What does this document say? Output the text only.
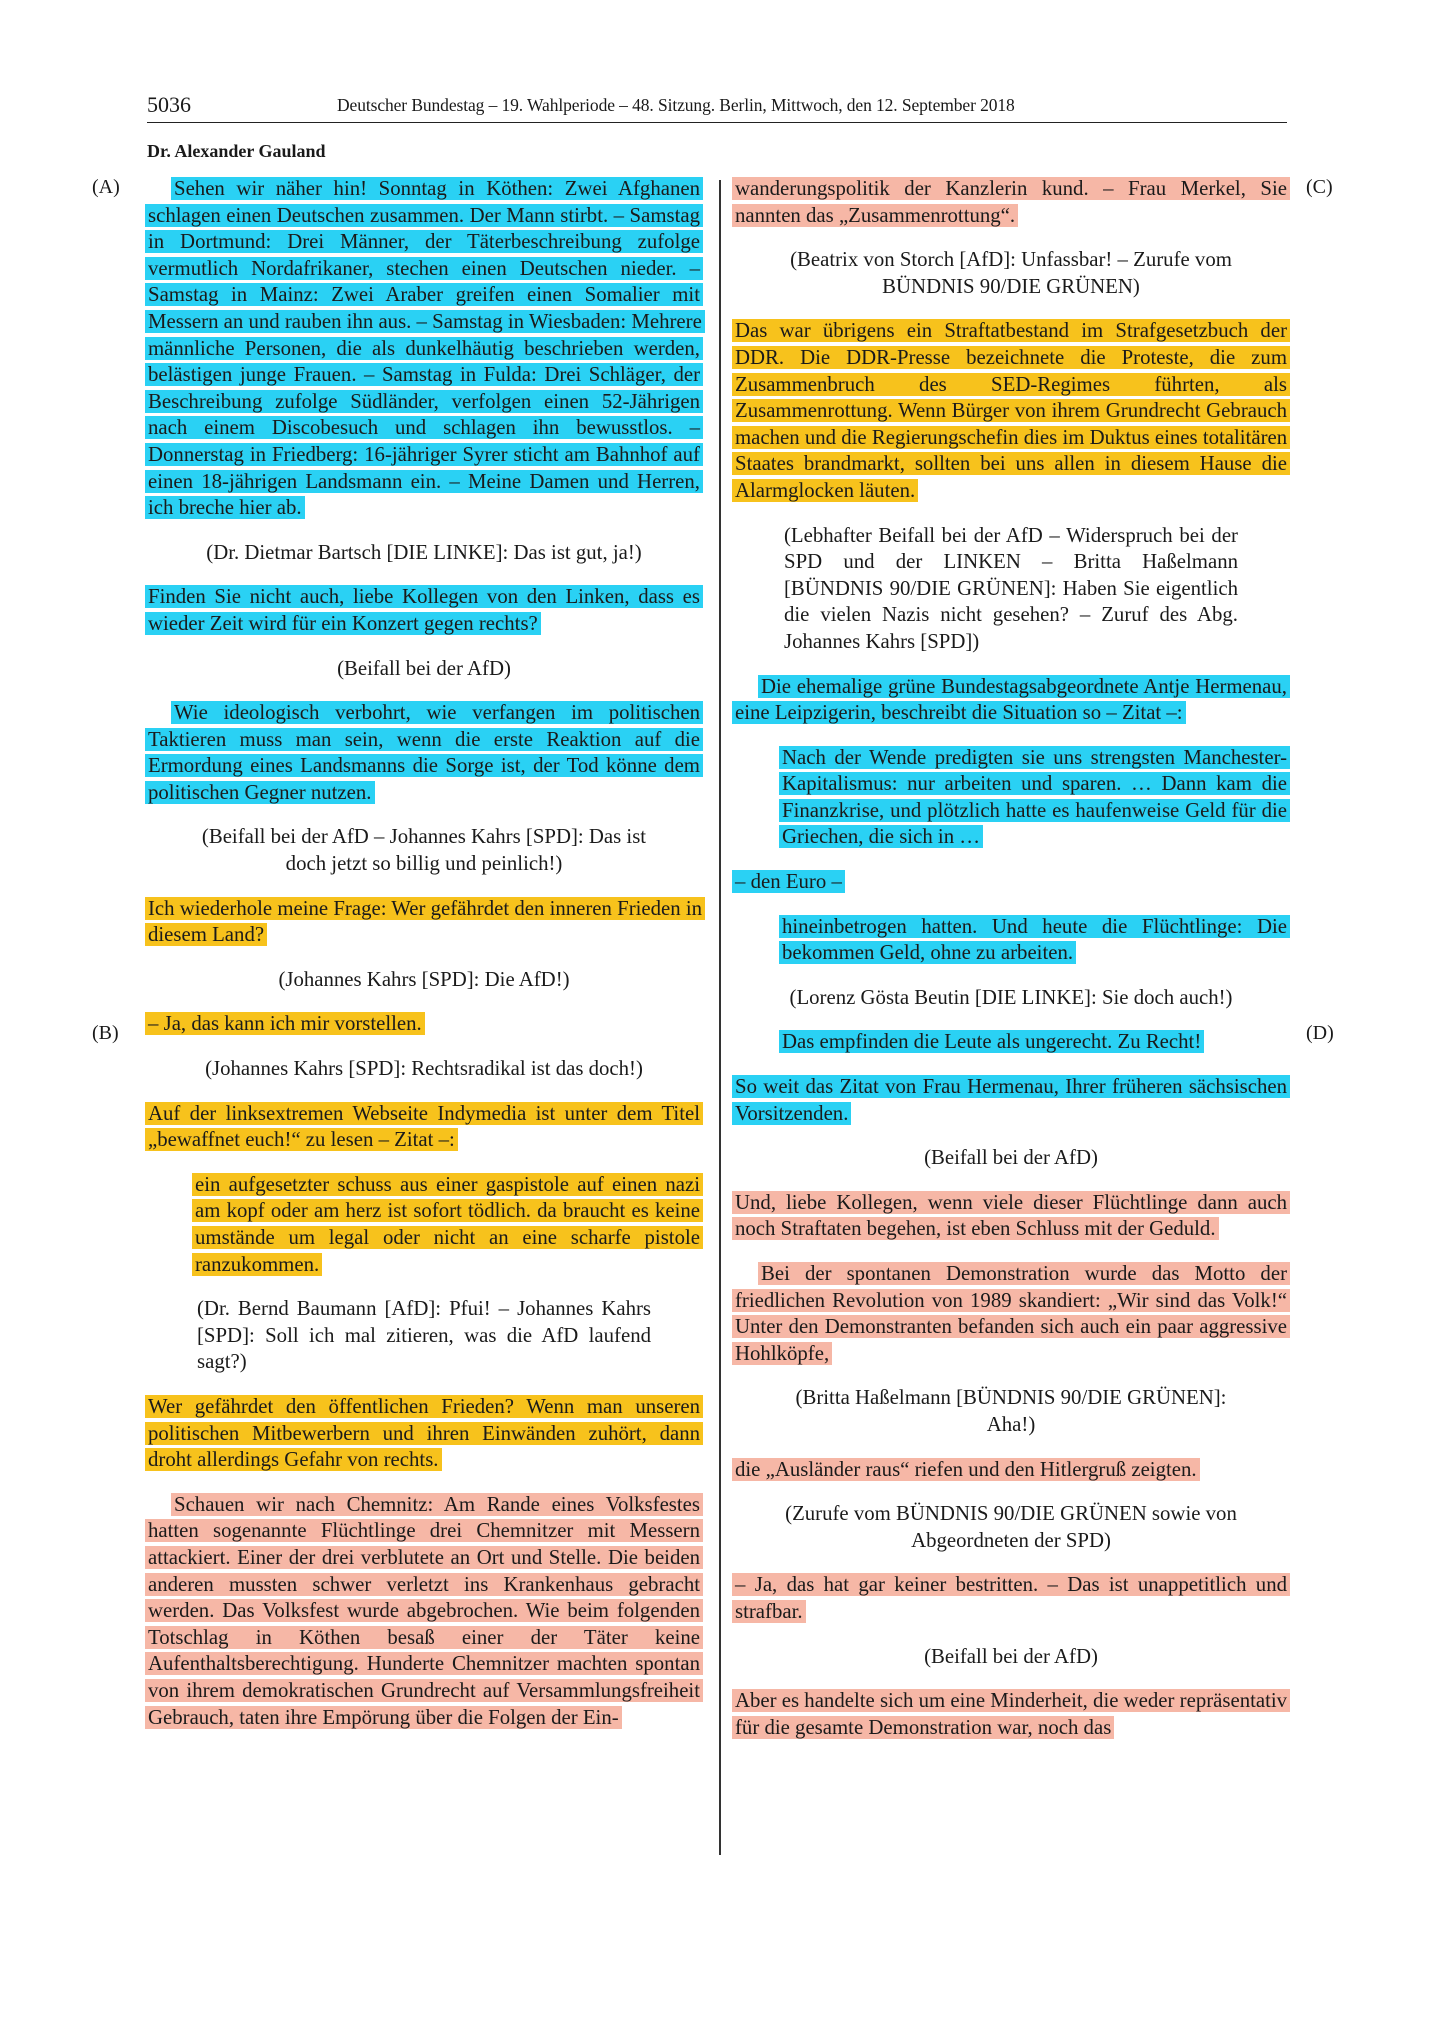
5036	Deutscher Bundestag – 19. Wahlperiode – 48. Sitzung. Berlin, Mittwoch, den 12. September 2018
Dr. Alexander Gauland
(A)
(B)
(C)
(D)
Sehen wir näher hin! Sonntag in Köthen: Zwei Afghanen schlagen einen Deutschen zusammen. Der Mann stirbt. – Samstag in Dortmund: Drei Männer, der Täterbeschreibung zufolge vermutlich Nordafrikaner, stechen einen Deutschen nieder. – Samstag in Mainz: Zwei Araber greifen einen Somalier mit Messern an und rauben ihn aus. – Samstag in Wiesbaden: Mehrere männliche Personen, die als dunkelhäutig beschrieben werden, belästigen junge Frauen. – Samstag in Fulda: Drei Schläger, der Beschreibung zufolge Südländer, verfolgen einen 52-Jährigen nach einem Discobesuch und schlagen ihn bewusstlos. – Donnerstag in Friedberg: 16-jähriger Syrer sticht am Bahnhof auf einen 18-jährigen Landsmann ein. – Meine Damen und Herren, ich breche hier ab.
(Dr. Dietmar Bartsch [DIE LINKE]: Das ist gut, ja!)
Finden Sie nicht auch, liebe Kollegen von den Linken, dass es wieder Zeit wird für ein Konzert gegen rechts?
(Beifall bei der AfD)
Wie ideologisch verbohrt, wie verfangen im politischen Taktieren muss man sein, wenn die erste Reaktion auf die Ermordung eines Landsmanns die Sorge ist, der Tod könne dem politischen Gegner nutzen.
(Beifall bei der AfD – Johannes Kahrs [SPD]: Das ist doch jetzt so billig und peinlich!)
Ich wiederhole meine Frage: Wer gefährdet den inneren Frieden in diesem Land?
(Johannes Kahrs [SPD]: Die AfD!)
– Ja, das kann ich mir vorstellen.
(Johannes Kahrs [SPD]: Rechtsradikal ist das doch!)
Auf der linksextremen Webseite Indymedia ist unter dem Titel „bewaffnet euch!“ zu lesen – Zitat –:
ein aufgesetzter schuss aus einer gaspistole auf einen nazi am kopf oder am herz ist sofort tödlich. da braucht es keine umstände um legal oder nicht an eine scharfe pistole ranzukommen.
(Dr. Bernd Baumann [AfD]: Pfui! – Johannes Kahrs [SPD]: Soll ich mal zitieren, was die AfD laufend sagt?)
Wer gefährdet den öffentlichen Frieden? Wenn man unseren politischen Mitbewerbern und ihren Einwänden zuhört, dann droht allerdings Gefahr von rechts.
Schauen wir nach Chemnitz: Am Rande eines Volksfestes hatten sogenannte Flüchtlinge drei Chemnitzer mit Messern attackiert. Einer der drei verblutete an Ort und Stelle. Die beiden anderen mussten schwer verletzt ins Krankenhaus gebracht werden. Das Volksfest wurde abgebrochen. Wie beim folgenden Totschlag in Köthen besaß einer der Täter keine Aufenthaltsberechtigung. Hunderte Chemnitzer machten spontan von ihrem demokratischen Grundrecht auf Versammlungsfreiheit Gebrauch, taten ihre Empörung über die Folgen der Ein-
wanderungspolitik der Kanzlerin kund. – Frau Merkel, Sie nannten das „Zusammenrottung“.
(Beatrix von Storch [AfD]: Unfassbar! – Zurufe vom BÜNDNIS 90/DIE GRÜNEN)
Das war übrigens ein Straftatbestand im Strafgesetzbuch der DDR. Die DDR-Presse bezeichnete die Proteste, die zum Zusammenbruch des SED-Regimes führten, als Zusammenrottung. Wenn Bürger von ihrem Grundrecht Gebrauch machen und die Regierungschefin dies im Duktus eines totalitären Staates brandmarkt, sollten bei uns allen in diesem Hause die Alarmglocken läuten.
(Lebhafter Beifall bei der AfD – Widerspruch bei der SPD und der LINKEN – Britta Haßelmann [BÜNDNIS 90/DIE GRÜNEN]: Haben Sie eigentlich die vielen Nazis nicht gesehen? – Zuruf des Abg. Johannes Kahrs [SPD])
Die ehemalige grüne Bundestagsabgeordnete Antje Hermenau, eine Leipzigerin, beschreibt die Situation so – Zitat –:
Nach der Wende predigten sie uns strengsten Manchester-Kapitalismus: nur arbeiten und sparen. … Dann kam die Finanzkrise, und plötzlich hatte es haufenweise Geld für die Griechen, die sich in …
– den Euro –
hineinbetrogen hatten. Und heute die Flüchtlinge: Die bekommen Geld, ohne zu arbeiten.
(Lorenz Gösta Beutin [DIE LINKE]: Sie doch auch!)
Das empfinden die Leute als ungerecht. Zu Recht!
So weit das Zitat von Frau Hermenau, Ihrer früheren sächsischen Vorsitzenden.
(Beifall bei der AfD)
Und, liebe Kollegen, wenn viele dieser Flüchtlinge dann auch noch Straftaten begehen, ist eben Schluss mit der Geduld.
Bei der spontanen Demonstration wurde das Motto der friedlichen Revolution von 1989 skandiert: „Wir sind das Volk!“ Unter den Demonstranten befanden sich auch ein paar aggressive Hohlköpfe,
(Britta Haßelmann [BÜNDNIS 90/DIE GRÜNEN]: Aha!)
die „Ausländer raus“ riefen und den Hitlergruß zeigten.
(Zurufe vom BÜNDNIS 90/DIE GRÜNEN sowie von Abgeordneten der SPD)
– Ja, das hat gar keiner bestritten. – Das ist unappetitlich und strafbar.
(Beifall bei der AfD)
Aber es handelte sich um eine Minderheit, die weder repräsentativ für die gesamte Demonstration war, noch das
